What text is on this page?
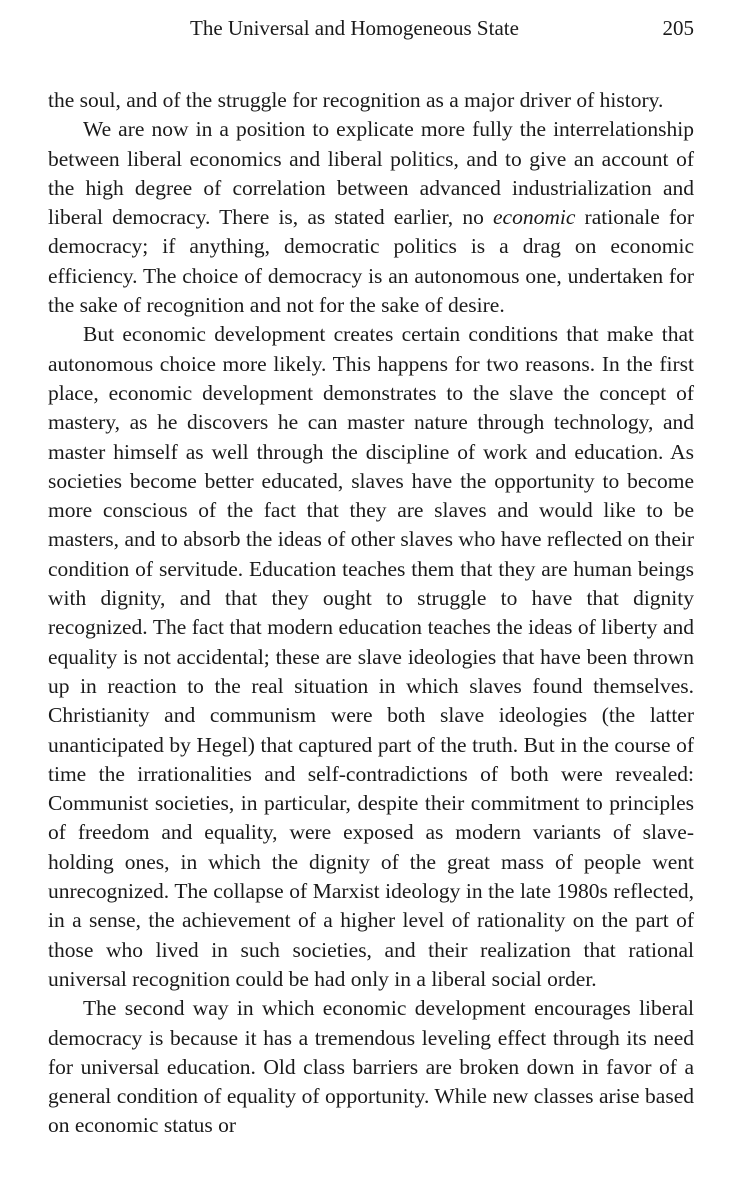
The Universal and Homogeneous State	205

the soul, and of the struggle for recognition as a major driver of history.

We are now in a position to explicate more fully the interrelationship between liberal economics and liberal politics, and to give an account of the high degree of correlation between advanced industrialization and liberal democracy. There is, as stated earlier, no economic rationale for democracy; if anything, democratic politics is a drag on economic efficiency. The choice of democracy is an autonomous one, undertaken for the sake of recognition and not for the sake of desire.

But economic development creates certain conditions that make that autonomous choice more likely. This happens for two reasons. In the first place, economic development demonstrates to the slave the concept of mastery, as he discovers he can master nature through technology, and master himself as well through the discipline of work and education. As societies become better educated, slaves have the opportunity to become more conscious of the fact that they are slaves and would like to be masters, and to absorb the ideas of other slaves who have reflected on their condition of servitude. Education teaches them that they are human beings with dignity, and that they ought to struggle to have that dignity recognized. The fact that modern education teaches the ideas of liberty and equality is not accidental; these are slave ideologies that have been thrown up in reaction to the real situation in which slaves found themselves. Christianity and communism were both slave ideologies (the latter unanticipated by Hegel) that captured part of the truth. But in the course of time the irrationalities and self-contradictions of both were revealed: Communist societies, in particular, despite their commitment to principles of freedom and equality, were exposed as modern variants of slave-holding ones, in which the dignity of the great mass of people went unrecognized. The collapse of Marxist ideology in the late 1980s reflected, in a sense, the achievement of a higher level of rationality on the part of those who lived in such societies, and their realization that rational universal recognition could be had only in a liberal social order.

The second way in which economic development encourages liberal democracy is because it has a tremendous leveling effect through its need for universal education. Old class barriers are broken down in favor of a general condition of equality of opportunity. While new classes arise based on economic status or
